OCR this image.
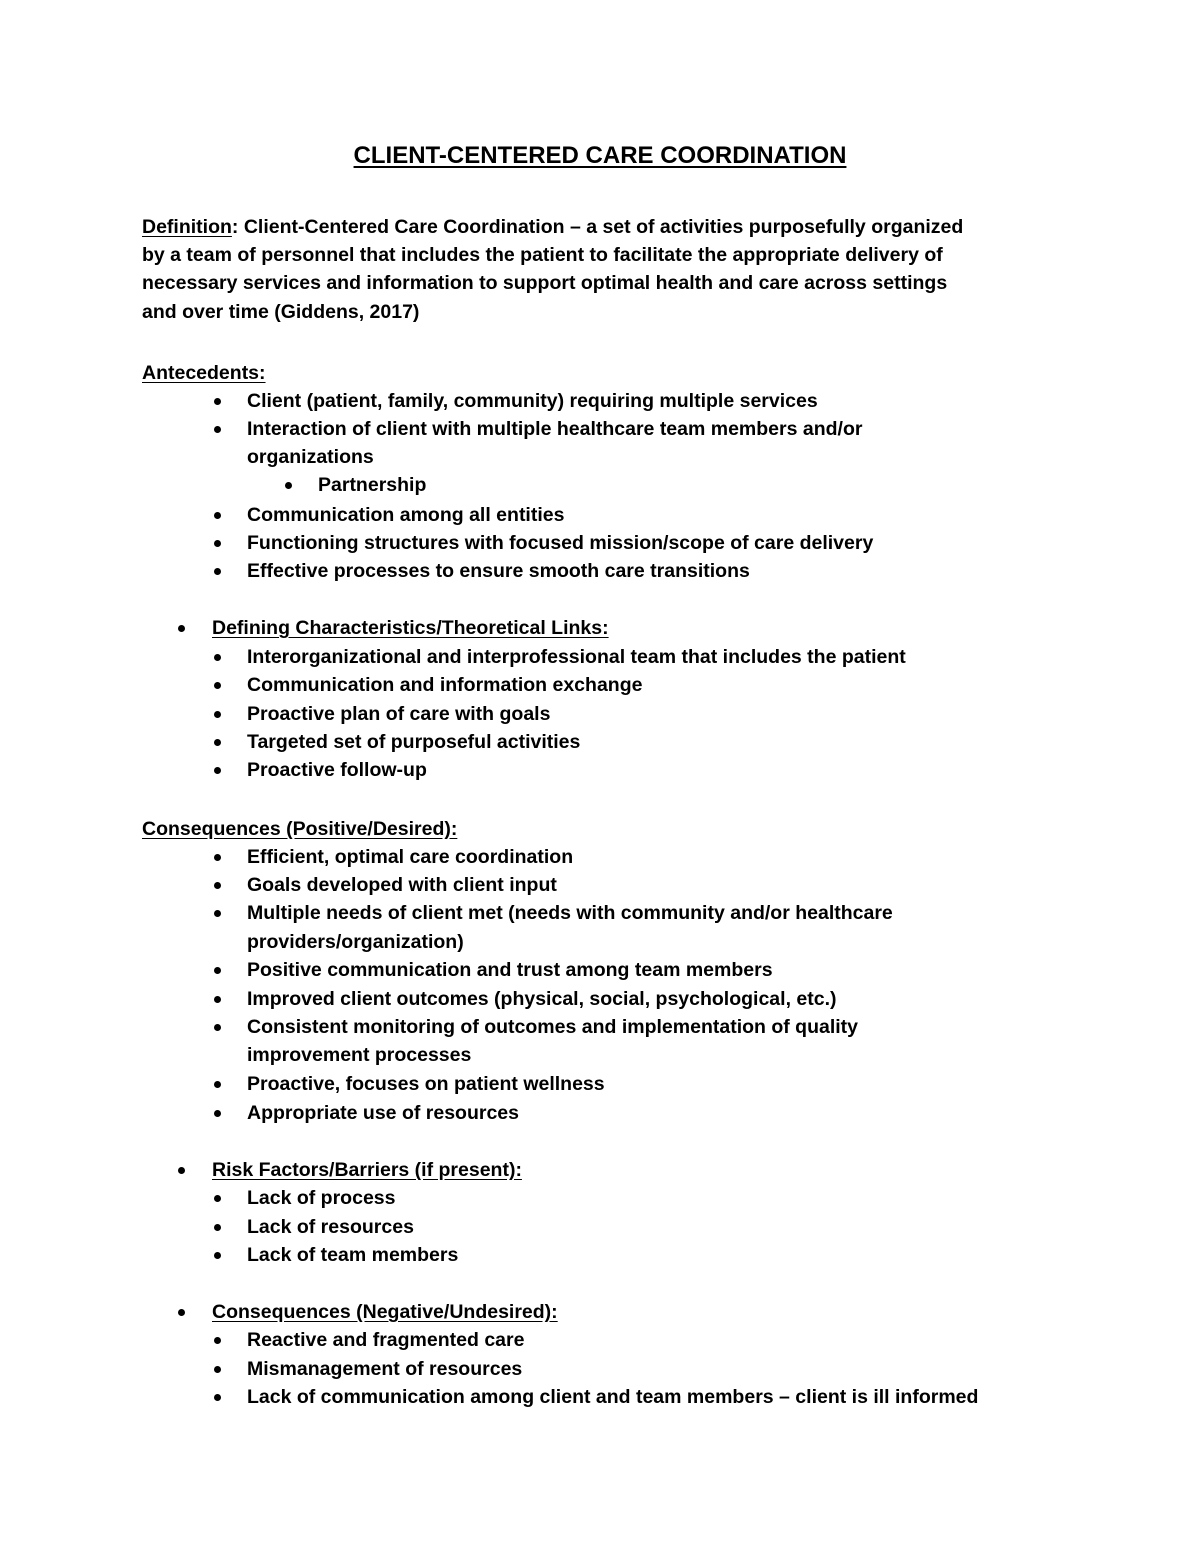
CLIENT-CENTERED CARE COORDINATION
Definition: Client-Centered Care Coordination – a set of activities purposefully organized
by a team of personnel that includes the patient to facilitate the appropriate delivery of
necessary services and information to support optimal health and care across settings
and over time (Giddens, 2017)
Antecedents:
Client (patient, family, community) requiring multiple services
Interaction of client with multiple healthcare team members and/or
organizations
Partnership
Communication among all entities
Functioning structures with focused mission/scope of care delivery
Effective processes to ensure smooth care transitions
Defining Characteristics/Theoretical Links:
Interorganizational and interprofessional team that includes the patient
Communication and information exchange
Proactive plan of care with goals
Targeted set of purposeful activities
Proactive follow-up
Consequences (Positive/Desired):
Efficient, optimal care coordination
Goals developed with client input
Multiple needs of client met (needs with community and/or healthcare
providers/organization)
Positive communication and trust among team members
Improved client outcomes (physical, social, psychological, etc.)
Consistent monitoring of outcomes and implementation of quality
improvement processes
Proactive, focuses on patient wellness
Appropriate use of resources
Risk Factors/Barriers (if present):
Lack of process
Lack of resources
Lack of team members
Consequences (Negative/Undesired):
Reactive and fragmented care
Mismanagement of resources
Lack of communication among client and team members – client is ill informed
